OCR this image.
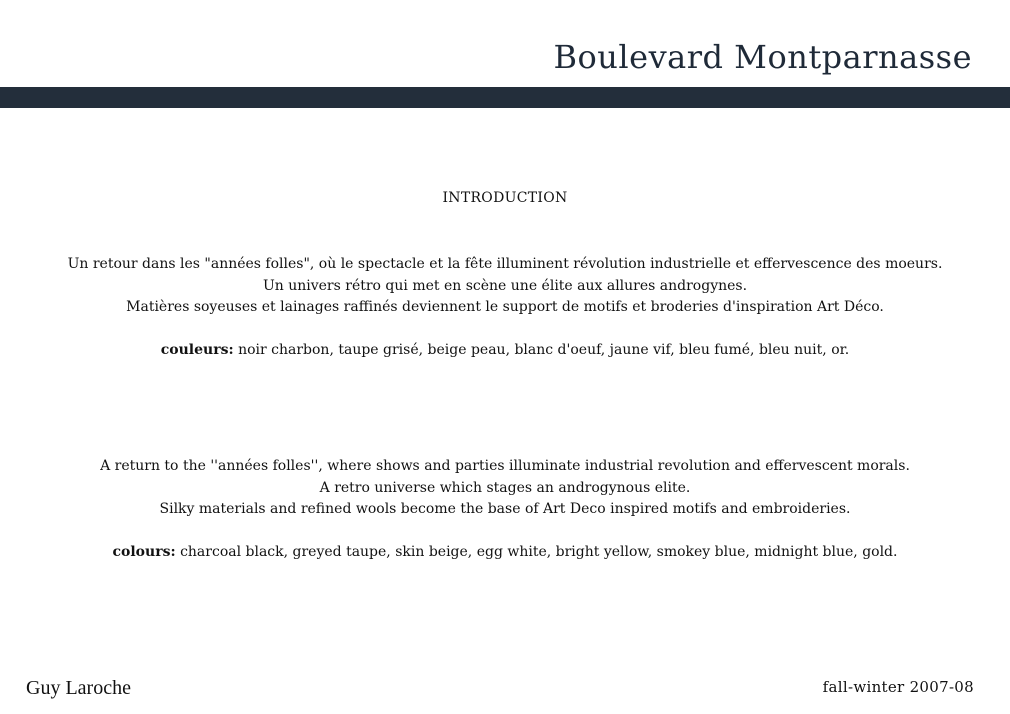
Boulevard Montparnasse
INTRODUCTION

Un retour dans les "années folles", où le spectacle et la fête illuminent révolution industrielle et effervescence des moeurs.

Un univers rétro qui met en scène une élite aux allures androgynes.

Matières soyeuses et lainages raffinés deviennent le support de motifs et broderies d'inspiration Art Déco.

couleurs: noir charbon, taupe grisé, beige peau, blanc d'oeuf, jaune vif, bleu fumé, bleu nuit, or.

A return to the ''années folles'', where shows and parties illuminate industrial revolution and effervescent morals.

A retro universe which stages an androgynous elite.

Silky materials and refined wools become the base of Art Deco inspired motifs and embroideries.

colours: charcoal black, greyed taupe, skin beige, egg white, bright yellow, smokey blue, midnight blue, gold.

Guy Laroche	fall-winter 2007-08
